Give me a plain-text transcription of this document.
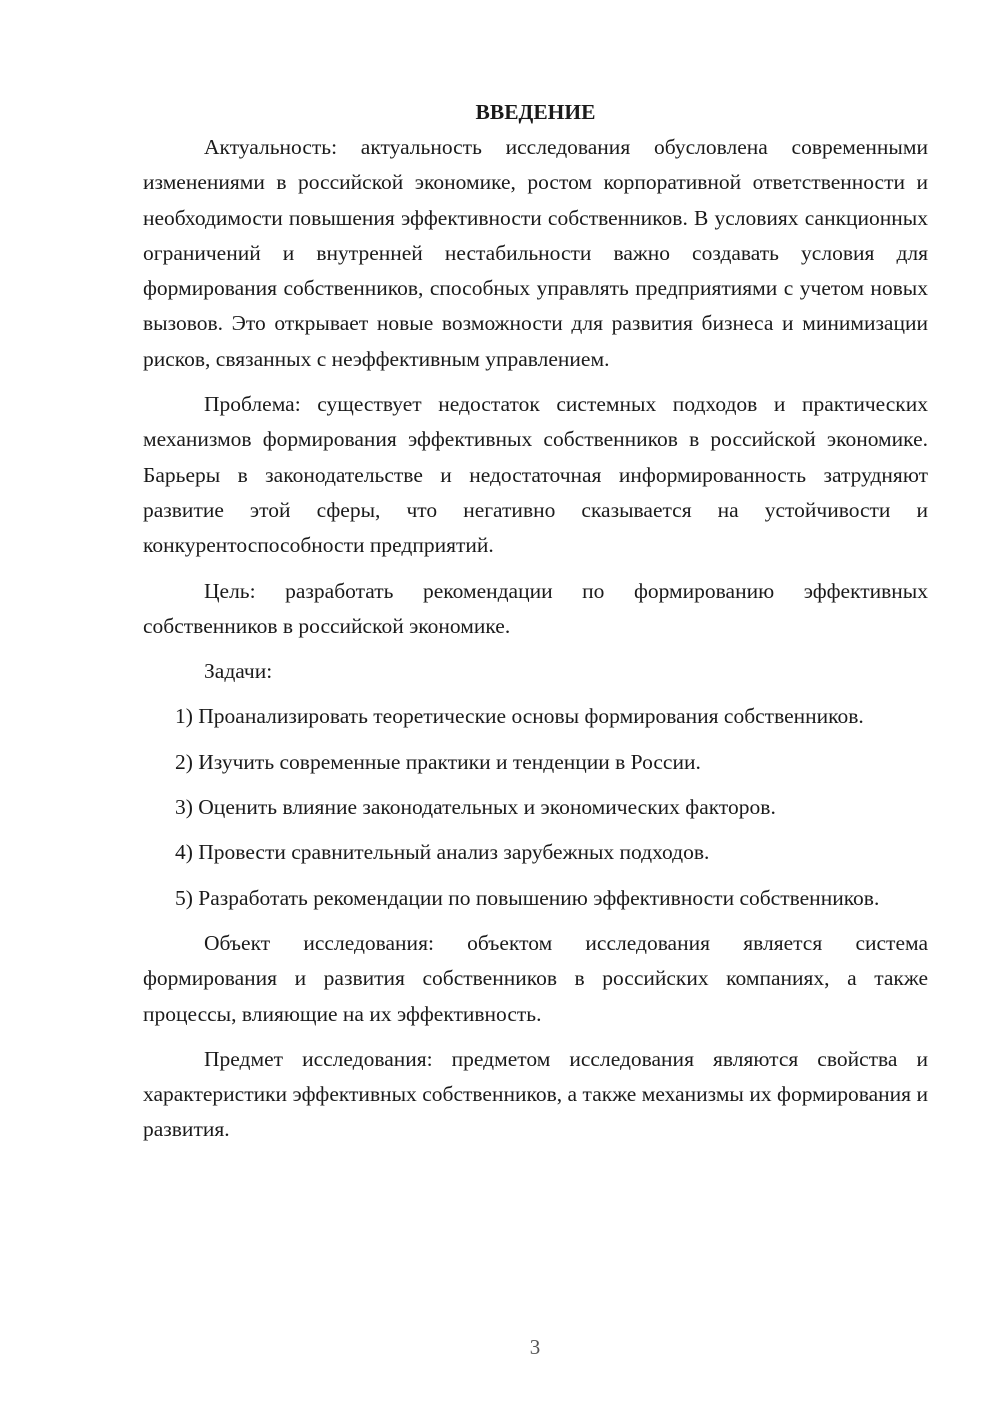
ВВЕДЕНИЕ

Актуальность: актуальность исследования обусловлена современными изменениями в российской экономике, ростом корпоративной ответственности и необходимости повышения эффективности собственников. В условиях санкционных ограничений и внутренней нестабильности важно создавать условия для формирования собственников, способных управлять предприятиями с учетом новых вызовов. Это открывает новые возможности для развития бизнеса и минимизации рисков, связанных с неэффективным управлением.

Проблема: существует недостаток системных подходов и практических механизмов формирования эффективных собственников в российской экономике. Барьеры в законодательстве и недостаточная информированность затрудняют развитие этой сферы, что негативно сказывается на устойчивости и конкурентоспособности предприятий.

Цель: разработать рекомендации по формированию эффективных собственников в российской экономике.

Задачи:

1) Проанализировать теоретические основы формирования собственников.

2) Изучить современные практики и тенденции в России.

3) Оценить влияние законодательных и экономических факторов.

4) Провести сравнительный анализ зарубежных подходов.

5) Разработать рекомендации по повышению эффективности собственников.

Объект исследования: объектом исследования является система формирования и развития собственников в российских компаниях, а также процессы, влияющие на их эффективность.

Предмет исследования: предметом исследования являются свойства и характеристики эффективных собственников, а также механизмы их формирования и развития.

3
